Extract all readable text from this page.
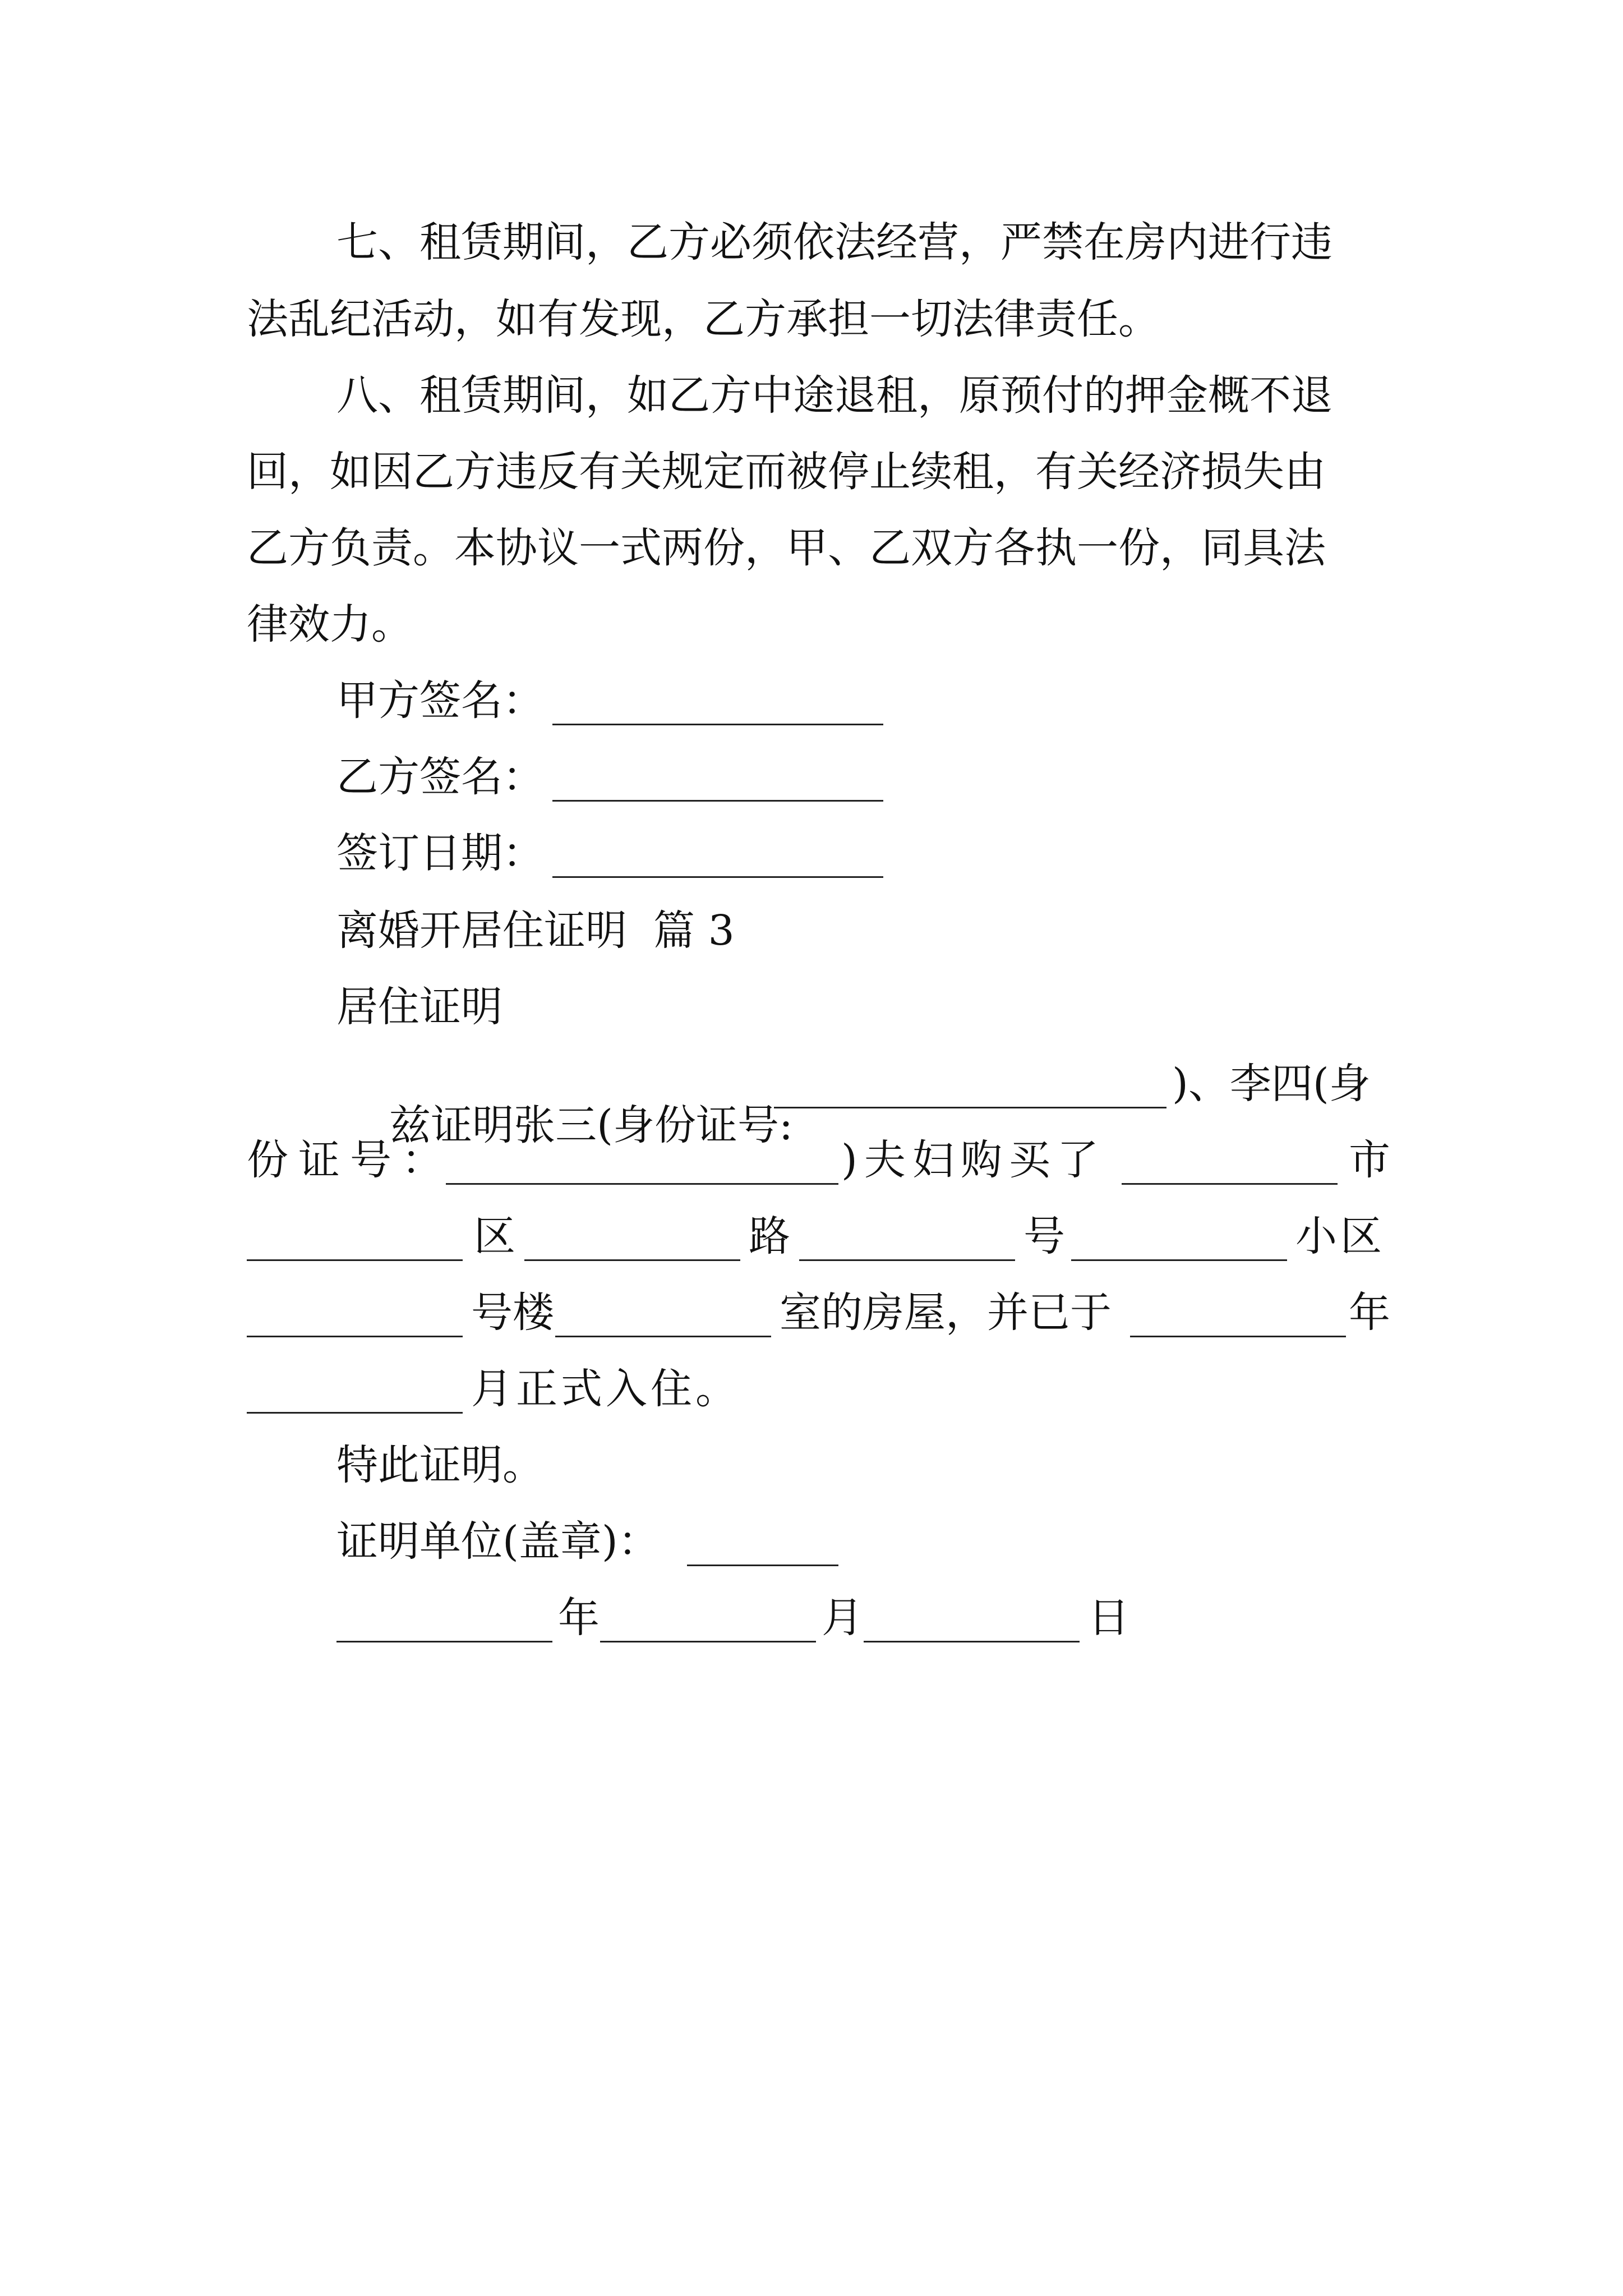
七、租赁期间，乙方必须依法经营，严禁在房内进行违
法乱纪活动，如有发现，乙方承担一切法律责任。
八、租赁期间，如乙方中途退租，原预付的押金概不退
回，如因乙方违反有关规定而被停止续租，有关经济损失由
乙方负责。本协议一式两份，甲、乙双方各执一份，同具法
律效力。
甲方签名：
乙方签名：
签订日期：
离婚开居住证明  篇 3
居住证明

兹证明张三(身份证号:

)、李四(身
份证号：	)夫妇购买了	市
区	路	号	小区
号楼	室的房屋，并已于	年
月正式入住。
特此证明。
证明单位(盖章)：
年	月	日
